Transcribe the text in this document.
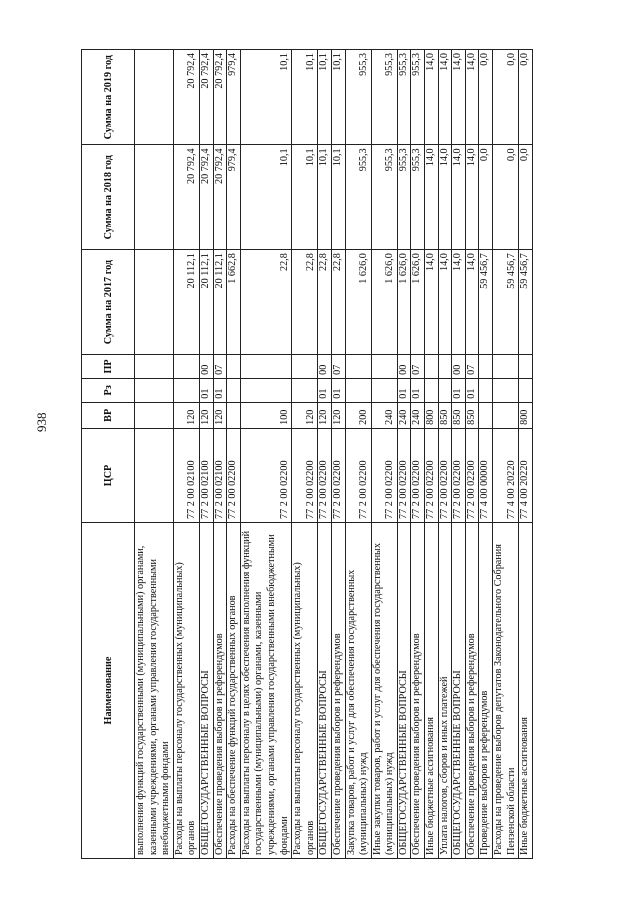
938
Наименование	ЦСР	ВР	Рз	ПР	Сумма на 2017 год	Сумма на 2018 год	Сумма на 2019 год
выполнения функций государственными (муниципальными) органами, казенными учреждениями, органами управления государственными внебюджетными фондами							
Расходы на выплаты персоналу государственных (муниципальных) органов	77 2 00 02100	120			20 112,1	20 792,4	20 792,4
ОБЩЕГОСУДАРСТВЕННЫЕ ВОПРОСЫ	77 2 00 02100	120	01	00	20 112,1	20 792,4	20 792,4
Обеспечение проведения выборов и референдумов	77 2 00 02100	120	01	07	20 112,1	20 792,4	20 792,4
Расходы на обеспечение функций государственных органов	77 2 00 02200				1 662,8	979,4	979,4
Расходы на выплаты персоналу в целях обеспечения выполнения функций государственными (муниципальными) органами, казенными учреждениями, органами управления государственными внебюджетными фондами	77 2 00 02200	100			22,8	10,1	10,1
Расходы на выплаты персоналу государственных (муниципальных) органов	77 2 00 02200	120			22,8	10,1	10,1
ОБЩЕГОСУДАРСТВЕННЫЕ ВОПРОСЫ	77 2 00 02200	120	01	00	22,8	10,1	10,1
Обеспечение проведения выборов и референдумов	77 2 00 02200	120	01	07	22,8	10,1	10,1
Закупка товаров, работ и услуг для обеспечения государственных (муниципальных) нужд	77 2 00 02200	200			1 626,0	955,3	955,3
Иные закупки товаров, работ и услуг для обеспечения государственных (муниципальных) нужд	77 2 00 02200	240			1 626,0	955,3	955,3
ОБЩЕГОСУДАРСТВЕННЫЕ ВОПРОСЫ	77 2 00 02200	240	01	00	1 626,0	955,3	955,3
Обеспечение проведения выборов и референдумов	77 2 00 02200	240	01	07	1 626,0	955,3	955,3
Иные бюджетные ассигнования	77 2 00 02200	800			14,0	14,0	14,0
Уплата налогов, сборов и иных платежей	77 2 00 02200	850			14,0	14,0	14,0
ОБЩЕГОСУДАРСТВЕННЫЕ ВОПРОСЫ	77 2 00 02200	850	01	00	14,0	14,0	14,0
Обеспечение проведения выборов и референдумов	77 2 00 02200	850	01	07	14,0	14,0	14,0
Проведение выборов и референдумов	77 4 00 00000				59 456,7	0,0	0,0
Расходы на проведение выборов депутатов Законодательного Собрания Пензенской области	77 4 00 20220				59 456,7	0,0	0,0
Иные бюджетные ассигнования	77 4 00 20220	800			59 456,7	0,0	0,0
